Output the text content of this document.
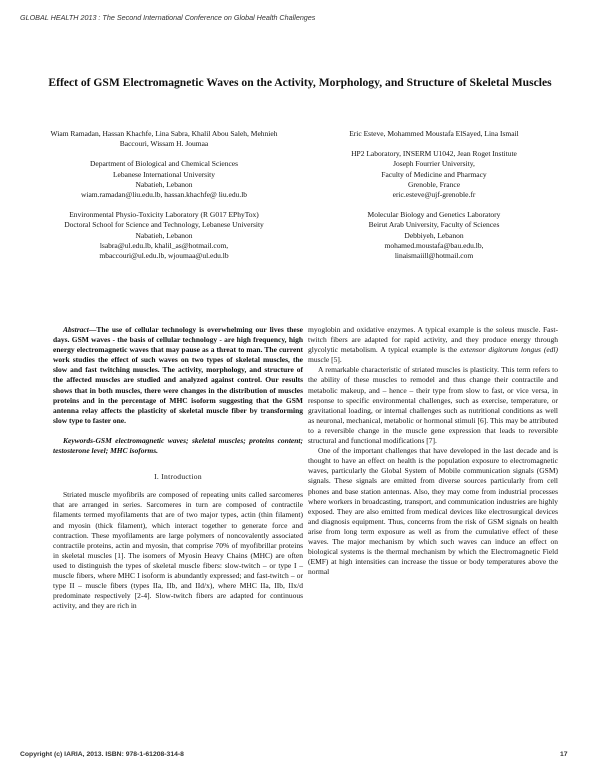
GLOBAL HEALTH 2013 : The Second International Conference on Global Health Challenges
Effect of GSM Electromagnetic Waves on the Activity, Morphology, and Structure of Skeletal Muscles

Wiam Ramadan, Hassan Khachfe, Lina Sabra, Khalil Abou Saleh, Mehnieh Baccouri, Wissam H. Joumaa

Department of Biological and Chemical Sciences

Lebanese International University

Nabatieh, Lebanon

wiam.ramadan@liu.edu.lb, hassan.khachfe@ liu.edu.lb

Environmental Physio-Toxicity Laboratory (R G017 EPhyTox)

Doctoral School for Science and Technology, Lebanese University

Nabatieh, Lebanon

lsabra@ul.edu.lb, khalil_as@hotmail.com,

mbaccouri@ul.edu.lb, wjoumaa@ul.edu.lb

Eric Esteve, Mohammed Moustafa ElSayed, Lina Ismail

HP2 Laboratory, INSERM U1042, Jean Roget Institute

Joseph Fourrier University,

Faculty of Medicine and Pharmacy

Grenoble, France

eric.esteve@ujf-grenoble.fr

Molecular Biology and Genetics Laboratory

Beirut Arab University, Faculty of Sciences

Debbiyeh, Lebanon

mohamed.moustafa@bau.edu.lb,

linaismaiill@hotmail.com

Abstract—The use of cellular technology is overwhelming our lives these days. GSM waves - the basis of cellular technology - are high frequency, high energy electromagnetic waves that may pause as a threat to man. The current work studies the effect of such waves on two types of skeletal muscles, the slow and fast twitching muscles. The activity, morphology, and structure of the affected muscles are studied and analyzed against control. Our results shows that in both muscles, there were changes in the distribution of muscles proteins and in the percentage of MHC isoform suggesting that the GSM antenna relay affects the plasticity of skeletal muscle fiber by transforming slow type to faster one.

Keywords-GSM electromagnetic waves; skeletal muscles; proteins content; testosterone level; MHC isoforms.

I. Introduction

Striated muscle myofibrils are composed of repeating units called sarcomeres that are arranged in series. Sarcomeres in turn are composed of contractile filaments termed myofilaments that are of two major types, actin (thin filament) and myosin (thick filament), which interact together to generate force and contraction. These myofilaments are large polymers of noncovalently associated contractile proteins, actin and myosin, that comprise 70% of myofibrillar proteins in skeletal muscles [1]. The isomers of Myosin Heavy Chains (MHC) are often used to distinguish the types of skeletal muscle fibers: slow-twitch – or type I – muscle fibers, where MHC I isoform is abundantly expressed; and fast-twitch – or type II – muscle fibers (types IIa, IIb, and IId/x), where MHC IIa, IIb, IIx/d predominate respectively [2-4]. Slow-twitch fibers are adapted for continuous activity, and they are rich in

myoglobin and oxidative enzymes. A typical example is the soleus muscle. Fast-twitch fibers are adapted for rapid activity, and they produce energy through glycolytic metabolism. A typical example is the extensor digitorum longus (edl) muscle [5].

A remarkable characteristic of striated muscles is plasticity. This term refers to the ability of these muscles to remodel and thus change their contractile and metabolic makeup, and – hence – their type from slow to fast, or vice versa, in response to specific environmental challenges, such as exercise, temperature, or gravitational loading, or internal challenges such as nutritional conditions as well as neuronal, mechanical, metabolic or hormonal stimuli [6]. This may be attributed to a reversible change in the muscle gene expression that leads to reversible structural and functional modifications [7].

One of the important challenges that have developed in the last decade and is thought to have an effect on health is the population exposure to electromagnetic waves, particularly the Global System of Mobile communication signals (GSM) signals. These signals are emitted from diverse sources particularly from cell phones and base station antennas. Also, they may come from industrial processes where workers in broadcasting, transport, and communication industries are highly exposed. They are also emitted from medical devices like electrosurgical devices and diagnosis equipment. Thus, concerns from the risk of GSM signals on health arise from long term exposure as well as from the cumulative effect of these waves. The major mechanism by which such waves can induce an effect on biological systems is the thermal mechanism by which the Electromagnetic Field (EMF) at high intensities can increase the tissue or body temperatures above the normal

Copyright (c) IARIA, 2013. ISBN: 978-1-61208-314-8	17
